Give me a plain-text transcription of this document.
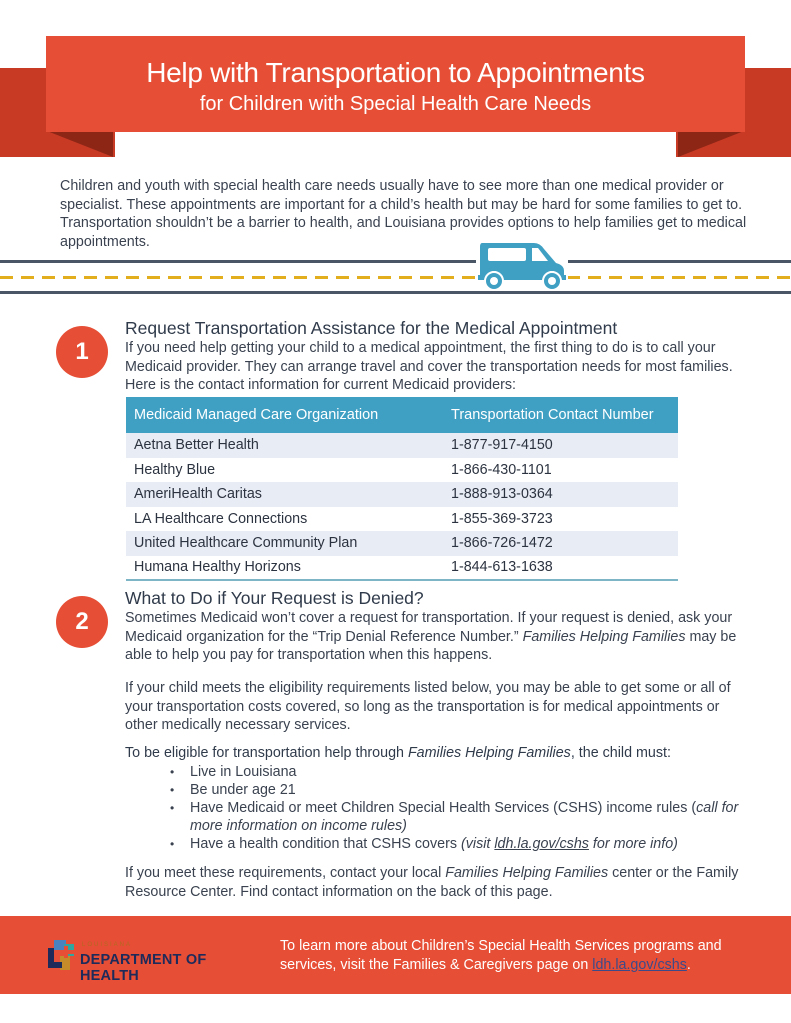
Help with Transportation to Appointments
for Children with Special Health Care Needs

Children and youth with special health care needs usually have to see more than one medical provider or specialist. These appointments are important for a child’s health but may be hard for some families to get to. Transportation shouldn’t be a barrier to health, and Louisiana provides options to help families get to medical appointments.

1
Request Transportation Assistance for the Medical Appointment

If you need help getting your child to a medical appointment, the first thing to do is to call your Medicaid provider. They can arrange travel and cover the transportation needs for most families. Here is the contact information for current Medicaid providers:

Medicaid Managed Care Organization	Transportation Contact Number
Aetna Better Health	1-877-917-4150
Healthy Blue	1-866-430-1101
AmeriHealth Caritas	1-888-913-0364
LA Healthcare Connections	1-855-369-3723
United Healthcare Community Plan	1-866-726-1472
Humana Healthy Horizons	1-844-613-1638
2
What to Do if Your Request is Denied?

Sometimes Medicaid won’t cover a request for transportation. If your request is denied, ask your Medicaid organization for the “Trip Denial Reference Number.” Families Helping Families may be able to help you pay for transportation when this happens.

If your child meets the eligibility requirements listed below, you may be able to get some or all of your transportation costs covered, so long as the transportation is for medical appointments or other medically necessary services.

To be eligible for transportation help through Families Helping Families, the child must:

• Live in Louisiana
• Be under age 21
• Have Medicaid or meet Children Special Health Services (CSHS) income rules (call for more information on income rules)
• Have a health condition that CSHS covers (visit ldh.la.gov/cshs for more info)

If you meet these requirements, contact your local Families Helping Families center or the Family Resource Center. Find contact information on the back of this page.

LOUISIANA
DEPARTMENT OF HEALTH

To learn more about Children’s Special Health Services programs and services, visit the Families & Caregivers page on ldh.la.gov/cshs.
